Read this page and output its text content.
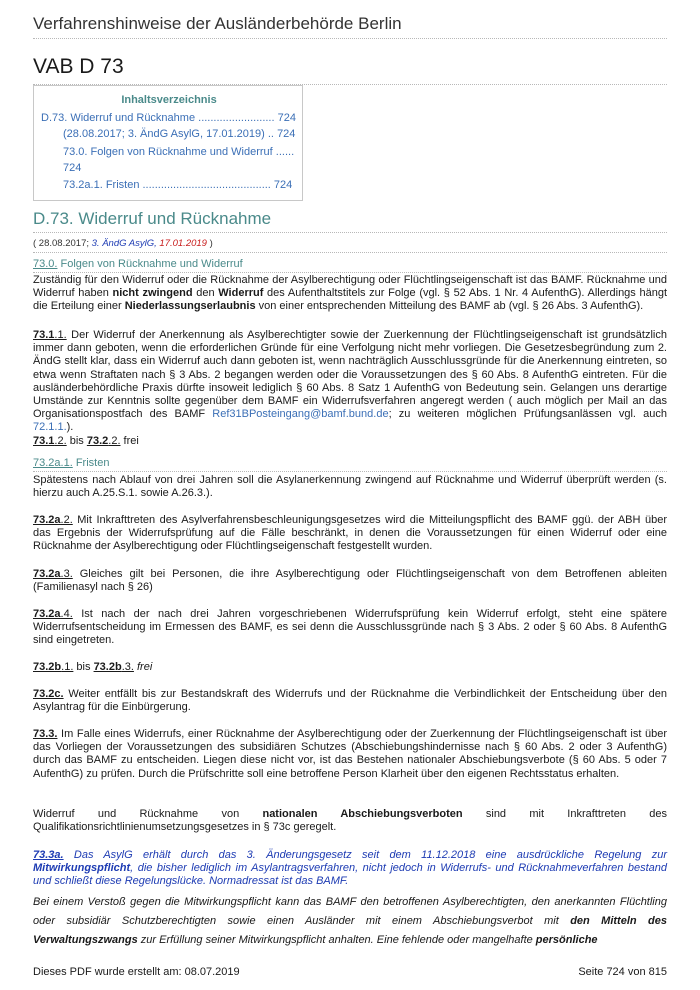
Verfahrenshinweise der Ausländerbehörde Berlin
VAB D 73
Inhaltsverzeichnis
D.73. Widerruf und Rücknahme ......................... 724
(28.08.2017; 3. ÄndG AsylG, 17.01.2019) .. 724
73.0. Folgen von Rücknahme und Widerruf ......
724
73.2a.1. Fristen .......................................... 724
D.73. Widerruf und Rücknahme
( 28.08.2017; 3. ÄndG AsylG, 17.01.2019 )
73.0. Folgen von Rücknahme und Widerruf
Zuständig für den Widerruf oder die Rücknahme der Asylberechtigung oder Flüchtlingseigenschaft ist das BAMF. Rücknahme und Widerruf haben nicht zwingend den Widerruf des Aufenthaltstitels zur Folge (vgl. § 52 Abs. 1 Nr. 4 AufenthG). Allerdings hängt die Erteilung einer Niederlassungserlaubnis von einer entsprechenden Mitteilung des BAMF ab (vgl. § 26 Abs. 3 AufenthG).
73.1.1. Der Widerruf der Anerkennung als Asylberechtigter sowie der Zuerkennung der Flüchtlingseigenschaft ist grundsätzlich immer dann geboten, wenn die erforderlichen Gründe für eine Verfolgung nicht mehr vorliegen. Die Gesetzesbegründung zum 2. ÄndG stellt klar, dass ein Widerruf auch dann geboten ist, wenn nachträglich Ausschlussgründe für die Anerkennung eintreten, so etwa wenn Straftaten nach § 3 Abs. 2 begangen werden oder die Voraussetzungen des § 60 Abs. 8 AufenthG eintreten. Für die ausländerbehördliche Praxis dürfte insoweit lediglich § 60 Abs. 8 Satz 1 AufenthG von Bedeutung sein. Gelangen uns derartige Umstände zur Kenntnis sollte gegenüber dem BAMF ein Widerrufsverfahren angeregt werden ( auch möglich per Mail an das Organisationspostfach des BAMF Ref31BPosteingang@bamf.bund.de; zu weiteren möglichen Prüfungsanlässen vgl. auch 72.1.1.).
73.1.2. bis 73.2.2. frei
73.2a.1. Fristen
Spätestens nach Ablauf von drei Jahren soll die Asylanerkennung zwingend auf Rücknahme und Widerruf überprüft werden (s. hierzu auch A.25.S.1. sowie A.26.3.).
73.2a.2. Mit Inkrafttreten des Asylverfahrensbeschleunigungsgesetzes wird die Mitteilungspflicht des BAMF ggü. der ABH über das Ergebnis der Widerrufsprüfung auf die Fälle beschränkt, in denen die Voraussetzungen für einen Widerruf oder eine Rücknahme der Asylberechtigung oder Flüchtlingseigenschaft festgestellt wurden.
73.2a.3. Gleiches gilt bei Personen, die ihre Asylberechtigung oder Flüchtlingseigenschaft von dem Betroffenen ableiten (Familienasyl nach § 26)
73.2a.4. Ist nach der nach drei Jahren vorgeschriebenen Widerrufsprüfung kein Widerruf erfolgt, steht eine spätere Widerrufsentscheidung im Ermessen des BAMF, es sei denn die Ausschlussgründe nach § 3 Abs. 2 oder § 60 Abs. 8 AufenthG sind eingetreten.
73.2b.1. bis 73.2b.3. frei
73.2c. Weiter entfällt bis zur Bestandskraft des Widerrufs und der Rücknahme die Verbindlichkeit der Entscheidung über den Asylantrag für die Einbürgerung.
73.3. Im Falle eines Widerrufs, einer Rücknahme der Asylberechtigung oder der Zuerkennung der Flüchtlingseigenschaft ist über das Vorliegen der Voraussetzungen des subsidiären Schutzes (Abschiebungshindernisse nach § 60 Abs. 2 oder 3 AufenthG) durch das BAMF zu entscheiden. Liegen diese nicht vor, ist das Bestehen nationaler Abschiebungsverbote (§ 60 Abs. 5 oder 7 AufenthG) zu prüfen. Durch die Prüfschritte soll eine betroffene Person Klarheit über den eigenen Rechtsstatus erhalten.
Widerruf und Rücknahme von nationalen Abschiebungsverboten sind mit Inkrafttreten des Qualifikationsrichtlinienumsetzungsgesetzes in § 73c geregelt.
73.3a. Das AsylG erhält durch das 3. Änderungsgesetz seit dem 11.12.2018 eine ausdrückliche Regelung zur Mitwirkungspflicht, die bisher lediglich im Asylantragsverfahren, nicht jedoch in Widerrufs- und Rücknahmeverfahren bestand und schließt diese Regelungslücke. Normadressat ist das BAMF.
Bei einem Verstoß gegen die Mitwirkungspflicht kann das BAMF den betroffenen Asylberechtigten, den anerkannten Flüchtling oder subsidiär Schutzberechtigten sowie einen Ausländer mit einem Abschiebungsverbot mit den Mitteln des Verwaltungszwangs zur Erfüllung seiner Mitwirkungspflicht anhalten. Eine fehlende oder mangelhafte persönliche
Dieses PDF wurde erstellt am: 08.07.2019	Seite 724 von 815
